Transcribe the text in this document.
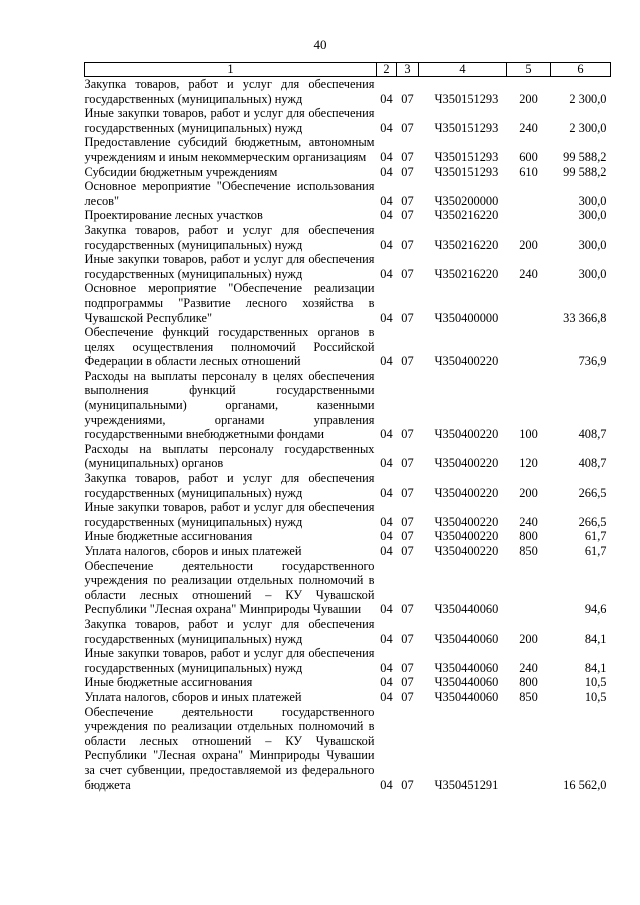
40
1	2	3	4	5	6
Закупка товаров, работ и услуг для обеспечения государственных (муниципальных) нужд	04	07	Ч350151293	200	2 300,0
Иные закупки товаров, работ и услуг для обеспечения государственных (муниципальных) нужд	04	07	Ч350151293	240	2 300,0
Предоставление субсидий бюджетным, автономным учреждениям и иным некоммерческим организациям	04	07	Ч350151293	600	99 588,2
Субсидии бюджетным учреждениям	04	07	Ч350151293	610	99 588,2
Основное мероприятие "Обеспечение использования лесов"	04	07	Ч350200000		300,0
Проектирование лесных участков	04	07	Ч350216220		300,0
Закупка товаров, работ и услуг для обеспечения государственных (муниципальных) нужд	04	07	Ч350216220	200	300,0
Иные закупки товаров, работ и услуг для обеспечения государственных (муниципальных) нужд	04	07	Ч350216220	240	300,0
Основное мероприятие "Обеспечение реализации подпрограммы "Развитие лесного хозяйства в Чувашской Республике"	04	07	Ч350400000		33 366,8
Обеспечение функций государственных органов в целях осуществления полномочий Российской Федерации в области лесных отношений	04	07	Ч350400220		736,9
Расходы на выплаты персоналу в целях обеспечения выполнения функций государственными (муниципальными) органами, казенными учреждениями, органами управления государственными внебюджетными фондами	04	07	Ч350400220	100	408,7
Расходы на выплаты персоналу государственных (муниципальных) органов	04	07	Ч350400220	120	408,7
Закупка товаров, работ и услуг для обеспечения государственных (муниципальных) нужд	04	07	Ч350400220	200	266,5
Иные закупки товаров, работ и услуг для обеспечения государственных (муниципальных) нужд	04	07	Ч350400220	240	266,5
Иные бюджетные ассигнования	04	07	Ч350400220	800	61,7
Уплата налогов, сборов и иных платежей	04	07	Ч350400220	850	61,7
Обеспечение деятельности государственного учреждения по реализации отдельных полномочий в области лесных отношений – КУ Чувашской Республики "Лесная охрана" Минприроды Чувашии	04	07	Ч350440060		94,6
Закупка товаров, работ и услуг для обеспечения государственных (муниципальных) нужд	04	07	Ч350440060	200	84,1
Иные закупки товаров, работ и услуг для обеспечения государственных (муниципальных) нужд	04	07	Ч350440060	240	84,1
Иные бюджетные ассигнования	04	07	Ч350440060	800	10,5
Уплата налогов, сборов и иных платежей	04	07	Ч350440060	850	10,5
Обеспечение деятельности государственного учреждения по реализации отдельных полномочий в области лесных отношений – КУ Чувашской Республики "Лесная охрана" Минприроды Чувашии за счет субвенции, предоставляемой из федерального бюджета	04	07	Ч350451291		16 562,0
